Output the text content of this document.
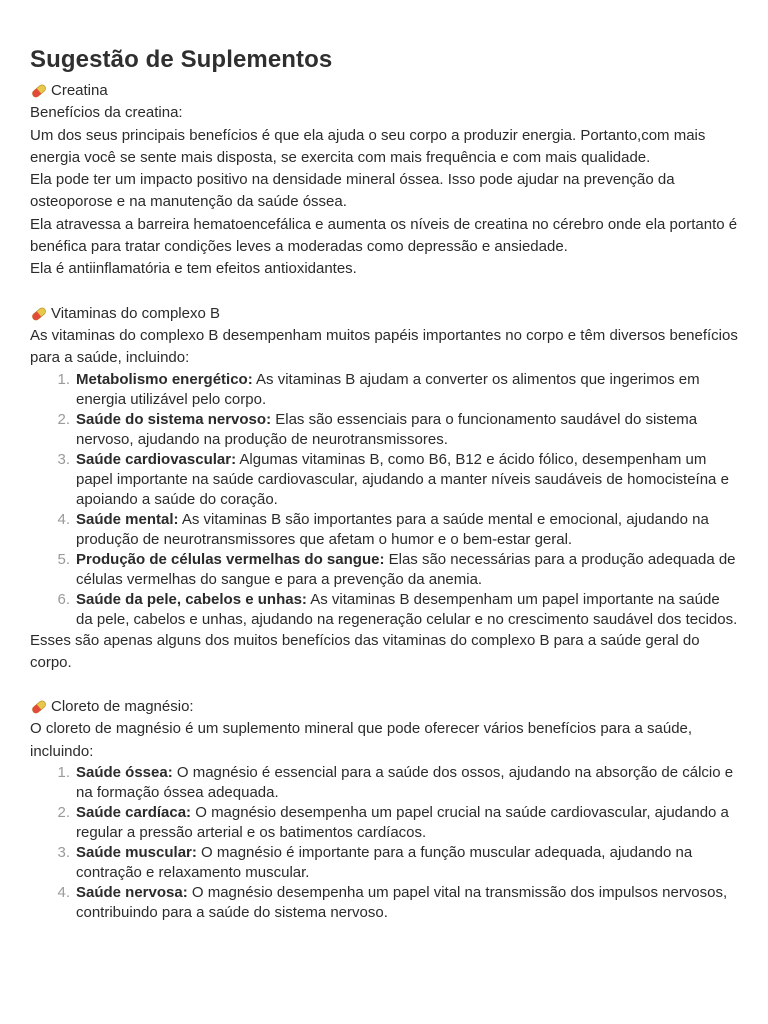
Sugestão de Suplementos
Creatina

Benefícios da creatina:

Um dos seus principais benefícios é que ela ajuda o seu corpo a produzir energia. Portanto,com mais energia você se sente mais disposta, se exercita com mais frequência e com mais qualidade.

Ela pode ter um impacto positivo na densidade mineral óssea. Isso pode ajudar na prevenção da osteoporose e na manutenção da saúde óssea.

Ela atravessa a barreira hematoencefálica e aumenta os níveis de creatina no cérebro onde ela portanto é benéfica para tratar condições leves a moderadas como depressão e ansiedade.

Ela é antiinflamatória e tem efeitos antioxidantes.

Vitaminas do complexo B

As vitaminas do complexo B desempenham muitos papéis importantes no corpo e têm diversos benefícios para a saúde, incluindo:

1. Metabolismo energético: As vitaminas B ajudam a converter os alimentos que ingerimos em energia utilizável pelo corpo.
2. Saúde do sistema nervoso: Elas são essenciais para o funcionamento saudável do sistema nervoso, ajudando na produção de neurotransmissores.
3. Saúde cardiovascular: Algumas vitaminas B, como B6, B12 e ácido fólico, desempenham um papel importante na saúde cardiovascular, ajudando a manter níveis saudáveis de homocisteína e apoiando a saúde do coração.
4. Saúde mental: As vitaminas B são importantes para a saúde mental e emocional, ajudando na produção de neurotransmissores que afetam o humor e o bem-estar geral.
5. Produção de células vermelhas do sangue: Elas são necessárias para a produção adequada de células vermelhas do sangue e para a prevenção da anemia.
6. Saúde da pele, cabelos e unhas: As vitaminas B desempenham um papel importante na saúde da pele, cabelos e unhas, ajudando na regeneração celular e no crescimento saudável dos tecidos.

Esses são apenas alguns dos muitos benefícios das vitaminas do complexo B para a saúde geral do corpo.

Cloreto de magnésio:

O cloreto de magnésio é um suplemento mineral que pode oferecer vários benefícios para a saúde, incluindo:

1. Saúde óssea: O magnésio é essencial para a saúde dos ossos, ajudando na absorção de cálcio e na formação óssea adequada.
2. Saúde cardíaca: O magnésio desempenha um papel crucial na saúde cardiovascular, ajudando a regular a pressão arterial e os batimentos cardíacos.
3. Saúde muscular: O magnésio é importante para a função muscular adequada, ajudando na contração e relaxamento muscular.
4. Saúde nervosa: O magnésio desempenha um papel vital na transmissão dos impulsos nervosos, contribuindo para a saúde do sistema nervoso.
